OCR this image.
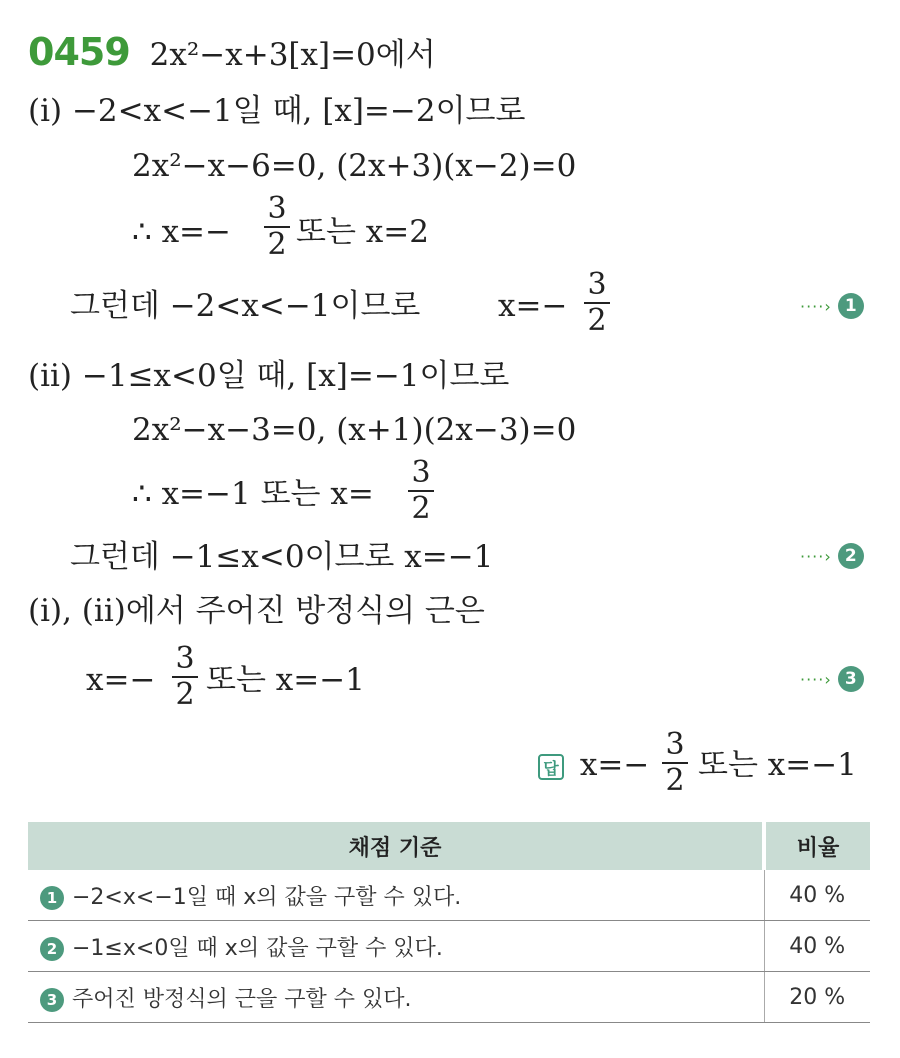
0459 2x²−x+3[x]=0에서
(i) −2<x<−1일 때, [x]=−2이므로
2x²−x−6=0, (2x+3)(x−2)=0
∴ x=−
3
2 또는 x=2
그런데 −2<x<−1이므로	x=−
3
2	····› 1
(ii) −1≤x<0일 때, [x]=−1이므로
2x²−x−3=0, (x+1)(2x−3)=0
∴ x=−1 또는 x=
3
2
그런데 −1≤x<0이므로 x=−1	····› 2
(i), (ii)에서 주어진 방정식의 근은
x=−
3
2 또는 x=−1	····› 3
답 x=−
3
2 또는 x=−1
채점 기준	비율
1 −2<x<−1일 때 x의 값을 구할 수 있다.	40 %
2 −1≤x<0일 때 x의 값을 구할 수 있다.	40 %
3 주어진 방정식의 근을 구할 수 있다.	20 %
